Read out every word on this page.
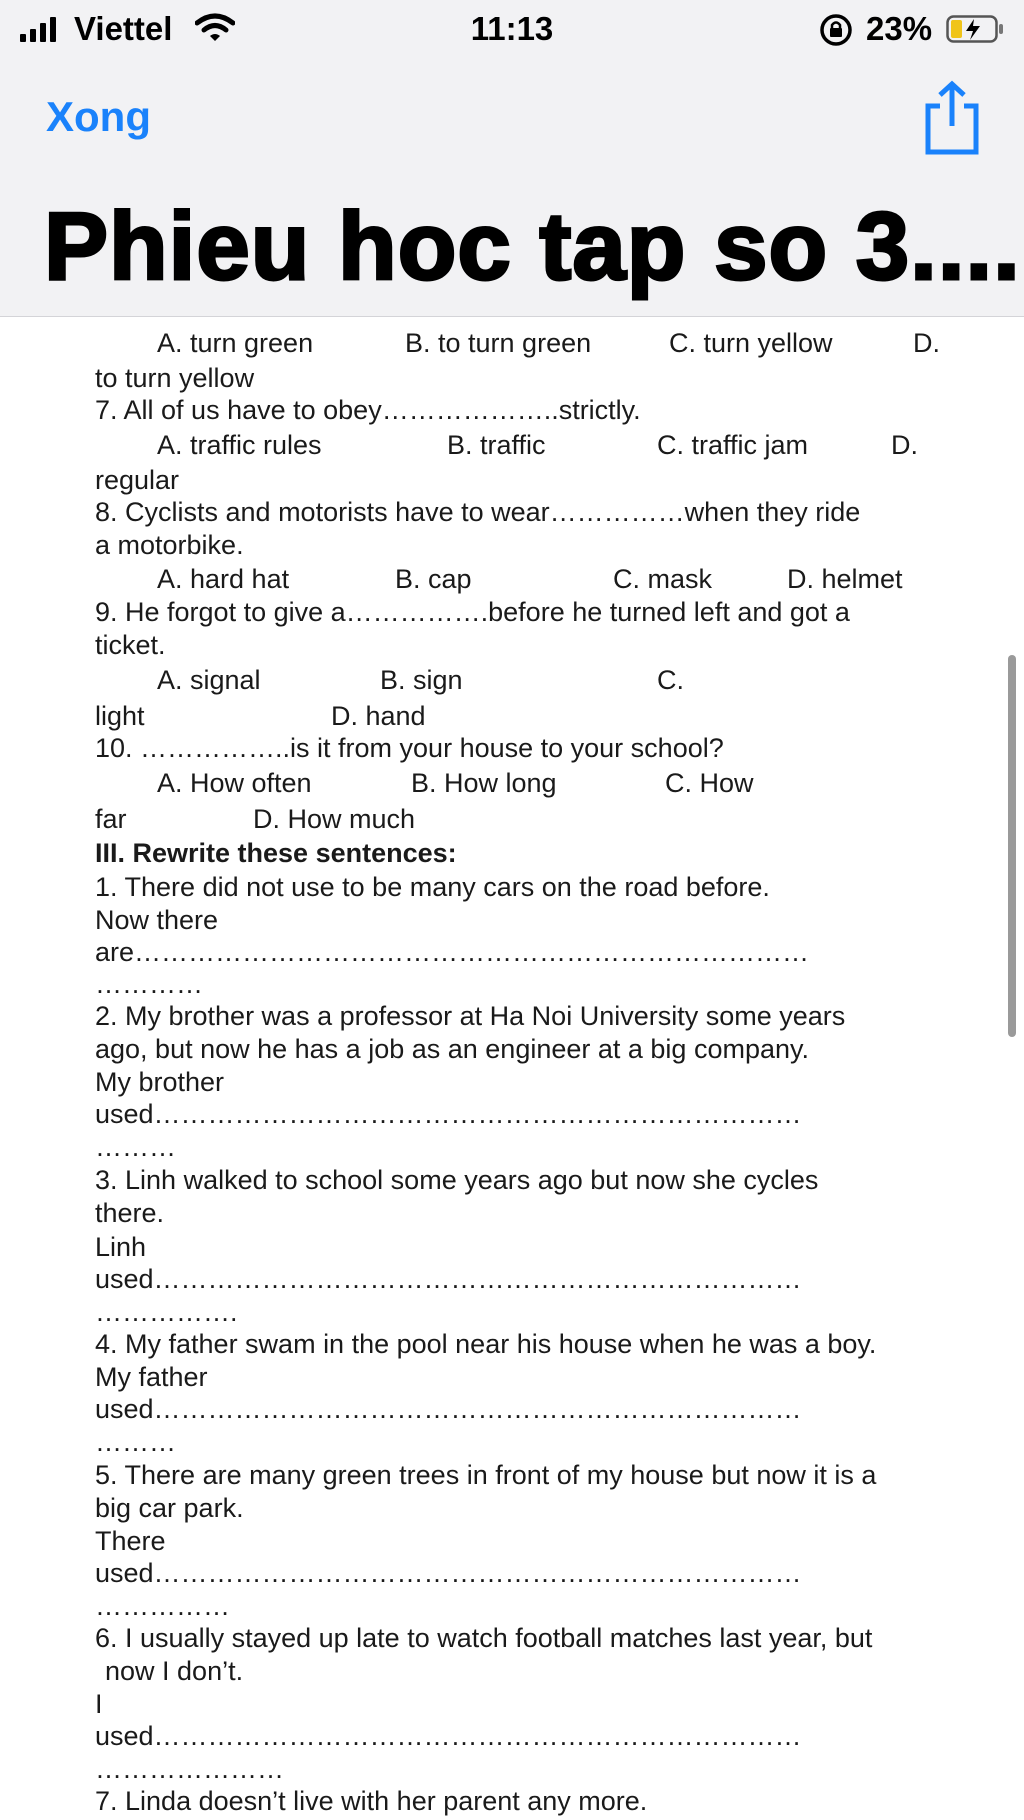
Viettel	11:13	23%
Xong
Phieu hoc tap so 3....
A. turn green	B. to turn green	C. turn yellow	D.
to turn yellow
7. All of us have to obey………………..strictly.
A. traffic rules	B. traffic	C. traffic jam	D.
regular
8. Cyclists and motorists have to wear……………when they ride
a motorbike.
A. hard hat	B. cap	C. mask	D. helmet
9. He forgot to give a…………….before he turned left and got a
ticket.
A. signal	B. sign	C.
light	D. hand
10. ……………..is it from your house to your school?
A. How often	B. How long	C. How
far	D. How much
III. Rewrite these sentences:
1. There did not use to be many cars on the road before.
Now there
are…………………………………………………………………
…………
2. My brother was a professor at Ha Noi University some years
ago, but now he has a job as an engineer at a big company.
My brother
used………………………………………………………………
………
3. Linh walked to school some years ago but now she cycles
there.
Linh
used………………………………………………………………
…………….
4. My father swam in the pool near his house when he was a boy.
My father
used………………………………………………………………
………
5. There are many green trees in front of my house but now it is a
big car park.
There
used………………………………………………………………
……………
6. I usually stayed up late to watch football matches last year, but
now I don’t.
I
used………………………………………………………………
…………………
7. Linda doesn’t live with her parent any more.
